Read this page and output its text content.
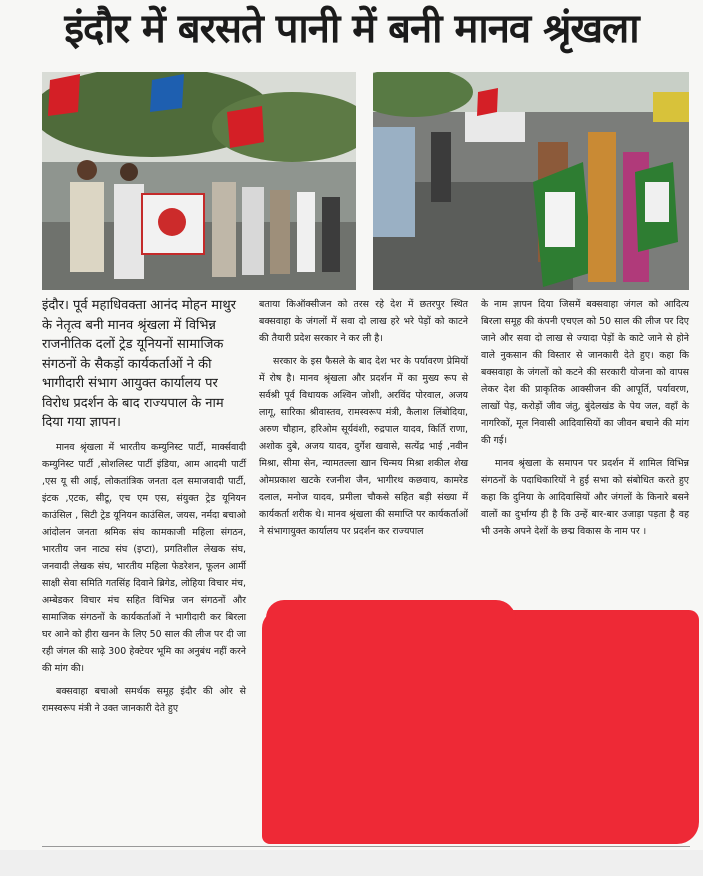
इंदौर में बरसते पानी में बनी मानव श्रृंखला

इंदौर। पूर्व महाधिवक्ता आनंद मोहन माथुर के नेतृत्व बनी मानव श्रृंखला में विभिन्न राजनीतिक दलों ट्रेड यूनियनों सामाजिक संगठनों के सैकड़ों कार्यकर्ताओं ने की भागीदारी संभाग आयुक्त कार्यालय पर विरोध प्रदर्शन के बाद राज्यपाल के नाम दिया गया ज्ञापन।

मानव श्रृंखला में भारतीय कम्युनिस्ट पार्टी, मार्क्सवादी कम्युनिस्ट पार्टी ,सोशलिस्ट पार्टी इंडिया, आम आदमी पार्टी ,एस यू सी आई, लोकतांत्रिक जनता दल समाजवादी पार्टी, इंटक ,एटक, सीटू, एच एम एस, संयुक्त ट्रेड यूनियन काउंसिल , सिटी ट्रेड यूनियन काउंसिल, जयस, नर्मदा बचाओ आंदोलन जनता श्रमिक संघ कामकाजी महिला संगठन, भारतीय जन नाट्य संघ (इप्टा), प्रगतिशील लेखक संघ, जनवादी लेखक संघ, भारतीय महिला फेडरेशन, फूलन आर्मी साक्षी सेवा समिति गतसिंह दिवाने ब्रिगेड, लोहिया विचार मंच, अम्बेडकर विचार मंच सहित विभिन्न जन संगठनों और सामाजिक संगठनों के कार्यकर्ताओं ने भागीदारी कर बिरला घर आने को हीरा खनन के लिए 50 साल की लीज पर दी जा रही जंगल की साढ़े 300 हेक्टेयर भूमि का अनुबंध नहीं करने की मांग की।

बक्सवाहा बचाओ समर्थक समूह इंदौर की ओर से रामस्वरूप मंत्री ने उक्त जानकारी देते हुए

बताया किऑक्सीजन को तरस रहे देश में छतरपुर स्थित बक्सवाहा के जंगलों में सवा दो लाख हरे भरे पेड़ों को काटने की तैयारी प्रदेश सरकार ने कर ली है।

सरकार के इस फैसले के बाद देश भर के पर्यावरण प्रेमियों में रोष है। मानव श्रृंखला और प्रदर्शन में का मुख्य रूप से सर्वश्री पूर्व विधायक अश्विन जोशी, अरविंद पोरवाल, अजय लागू, सारिका श्रीवास्तव, रामस्वरूप मंत्री, कैलाश लिंबोदिया, अरुण चौहान, हरिओम सूर्यवंशी, रुद्रपाल यादव, किर्ति राणा, अशोक दुबे, अजय यादव, दुर्गेश खवासे, सत्येंद्र भाई ,नवीन मिश्रा, सीमा सेन, न्यामतल्ला खान चिन्मय मिश्रा शकील शेख ओमप्रकाश खटके रजनीश जैन, भागीरथ कछवाय, कामरेड दलाल, मनोज यादव, प्रमीला चौकसे सहित बड़ी संख्या में कार्यकर्ता शरीक थे। मानव श्रृंखला की समाप्ति पर कार्यकर्ताओं ने संभागायुक्त कार्यालय पर प्रदर्शन कर राज्यपाल

के नाम ज्ञापन दिया जिसमें बक्सवाहा जंगल को आदित्य बिरला समूह की कंपनी एचएल को 50 साल की लीज पर दिए जाने और सवा दो लाख से ज्यादा पेड़ों के काटे जाने से होने वाले नुकसान की विस्तार से जानकारी देते हुए। कहा कि बक्सवाहा के जंगलों को कटने की सरकारी योजना को वापस लेकर देश की प्राकृतिक आक्सीजन की आपूर्ति, पर्यावरण, लाखों पेड़, करोड़ों जीव जंतु, बुंदेलखंड के पेय जल, वहाँ के नागरिकों, मूल निवासी आदिवासियों का जीवन बचाने की मांग की गई।

मानव श्रृंखला के समापन पर प्रदर्शन में शामिल विभिन्न संगठनों के पदाधिकारियों ने हुई सभा को संबोधित करते हुए कहा कि दुनिया के आदिवासियों और जंगलों के किनारे बसने वालों का दुर्भाग्य ही है कि उन्हें बार-बार उजाड़ा पड़ता है वह भी उनके अपने देशों के छद्म विकास के नाम पर ।
